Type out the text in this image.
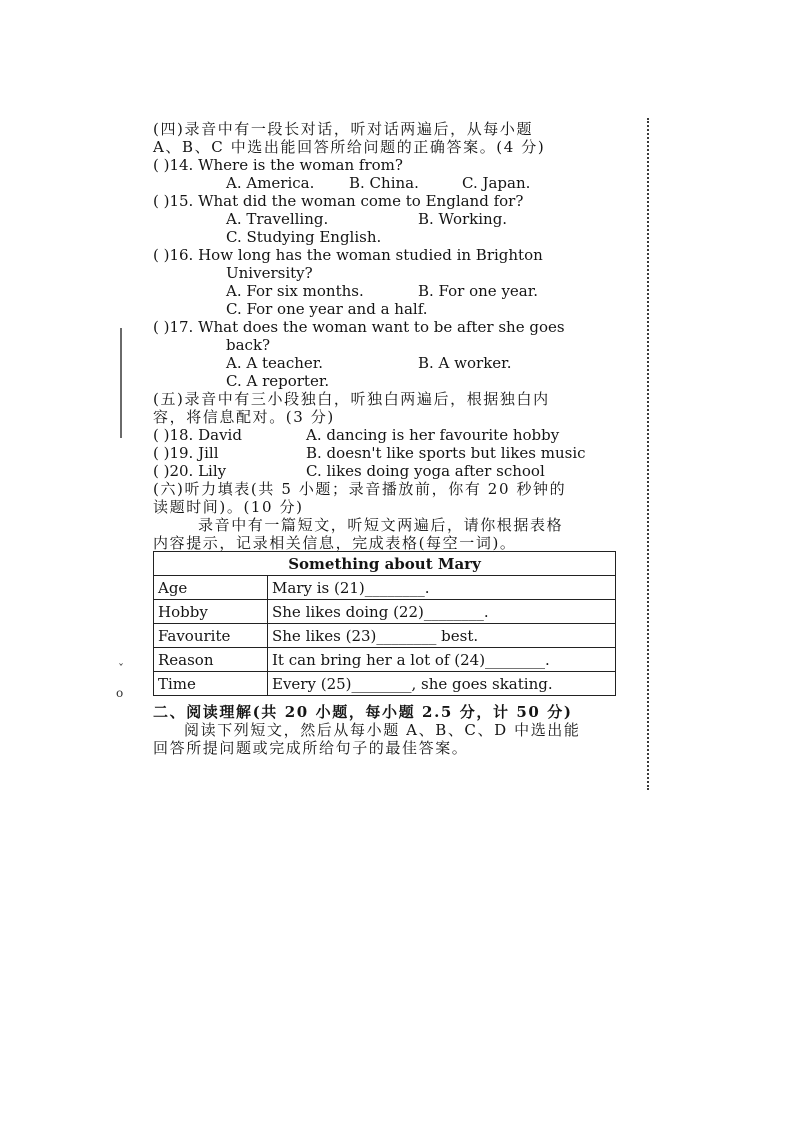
ˇ
o
(四)录音中有一段长对话，听对话两遍后，从每小题
A、B、C 中选出能回答所给问题的正确答案。(4 分)
( )14. Where is the woman from?
A. America. B. China.	C. Japan.
( )15. What did the woman come to England for?
A. Travelling.	B. Working.
C. Studying English.
( )16. How long has the woman studied in Brighton
University?
A. For six months.	B. For one year.
C. For one year and a half.
( )17. What does the woman want to be after she goes
back?
A. A teacher.	B. A worker.
C. A reporter.
(五)录音中有三小段独白，听独白两遍后，根据独白内
容，将信息配对。(3 分)
( )18. David	A. dancing is her favourite hobby
( )19. Jill	B. doesn't like sports but likes music
( )20. Lily	C. likes doing yoga after school
(六)听力填表(共 5 小题；录音播放前，你有 20 秒钟的
读题时间)。(10 分)
录音中有一篇短文，听短文两遍后，请你根据表格
内容提示，记录相关信息，完成表格(每空一词)。
Something about Mary	
Age	Mary is (21)________.
Hobby	She likes doing (22)________.
Favourite	She likes (23)________ best.
Reason	It can bring her a lot of (24)________.
Time	Every (25)________, she goes skating.
二、阅读理解(共 20 小题，每小题 2.5 分，计 50 分)
阅读下列短文，然后从每小题 A、B、C、D 中选出能
回答所提问题或完成所给句子的最佳答案。
